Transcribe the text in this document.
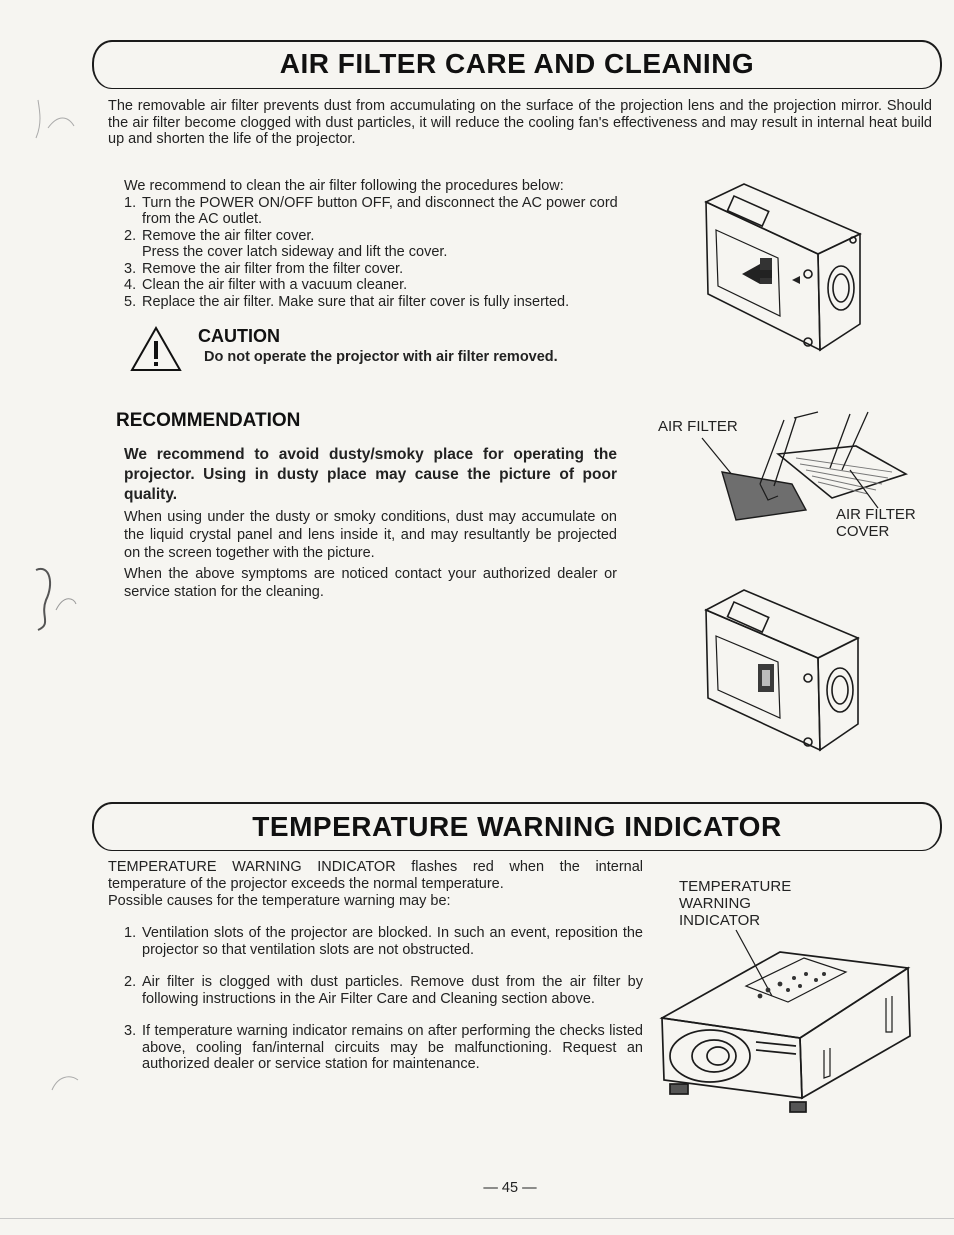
AIR FILTER CARE AND CLEANING
The removable air filter prevents dust from accumulating on the surface of the projection lens and the projection mirror. Should the air filter become clogged with dust particles, it will reduce the cooling fan's effectiveness and may result in internal heat build up and shorten the life of the projector.
We recommend to clean the air filter following the procedures below:
1. Turn the POWER ON/OFF button OFF, and disconnect the AC power cord from the AC outlet.
2. Remove the air filter cover.
Press the cover latch sideway and lift the cover.
3. Remove the air filter from the filter cover.
4. Clean the air filter with a vacuum cleaner.
5. Replace the air filter. Make sure that air filter cover is fully inserted.
CAUTION
Do not operate the projector with air filter removed.
RECOMMENDATION
We recommend to avoid dusty/smoky place for operating the projector. Using in dusty place may cause the picture of poor quality.
When using under the dusty or smoky conditions, dust may accumulate on the liquid crystal panel and lens inside it, and may resultantly be projected on the screen together with the picture.
When the above symptoms are noticed contact your authorized dealer or service station for the cleaning.
AIR FILTER
AIR FILTER
COVER
TEMPERATURE WARNING INDICATOR
TEMPERATURE WARNING INDICATOR flashes red when the internal temperature of the projector exceeds the normal temperature.
Possible causes for the temperature warning may be:
1. Ventilation slots of the projector are blocked. In such an event, reposition the projector so that ventilation slots are not obstructed.
2. Air filter is clogged with dust particles. Remove dust from the air filter by following instructions in the Air Filter Care and Cleaning section above.
3. If temperature warning indicator remains on after performing the checks listed above, cooling fan/internal circuits may be malfunctioning. Request an authorized dealer or service station for maintenance.
TEMPERATURE
WARNING
INDICATOR
— 45 —
